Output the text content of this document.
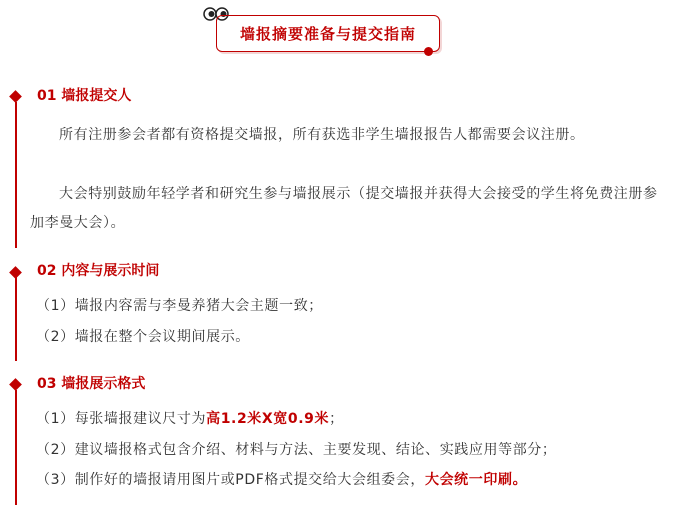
墙报摘要准备与提交指南
01 墙报提交人
所有注册参会者都有资格提交墙报，所有获选非学生墙报报告人都需要会议注册。
大会特别鼓励年轻学者和研究生参与墙报展示（提交墙报并获得大会接受的学生将免费注册参加李曼大会）。
02 内容与展示时间
（1）墙报内容需与李曼养猪大会主题一致；
（2）墙报在整个会议期间展示。
03 墙报展示格式
（1）每张墙报建议尺寸为高1.2米X宽0.9米；
（2）建议墙报格式包含介绍、材料与方法、主要发现、结论、实践应用等部分；
（3）制作好的墙报请用图片或PDF格式提交给大会组委会，大会统一印刷。
